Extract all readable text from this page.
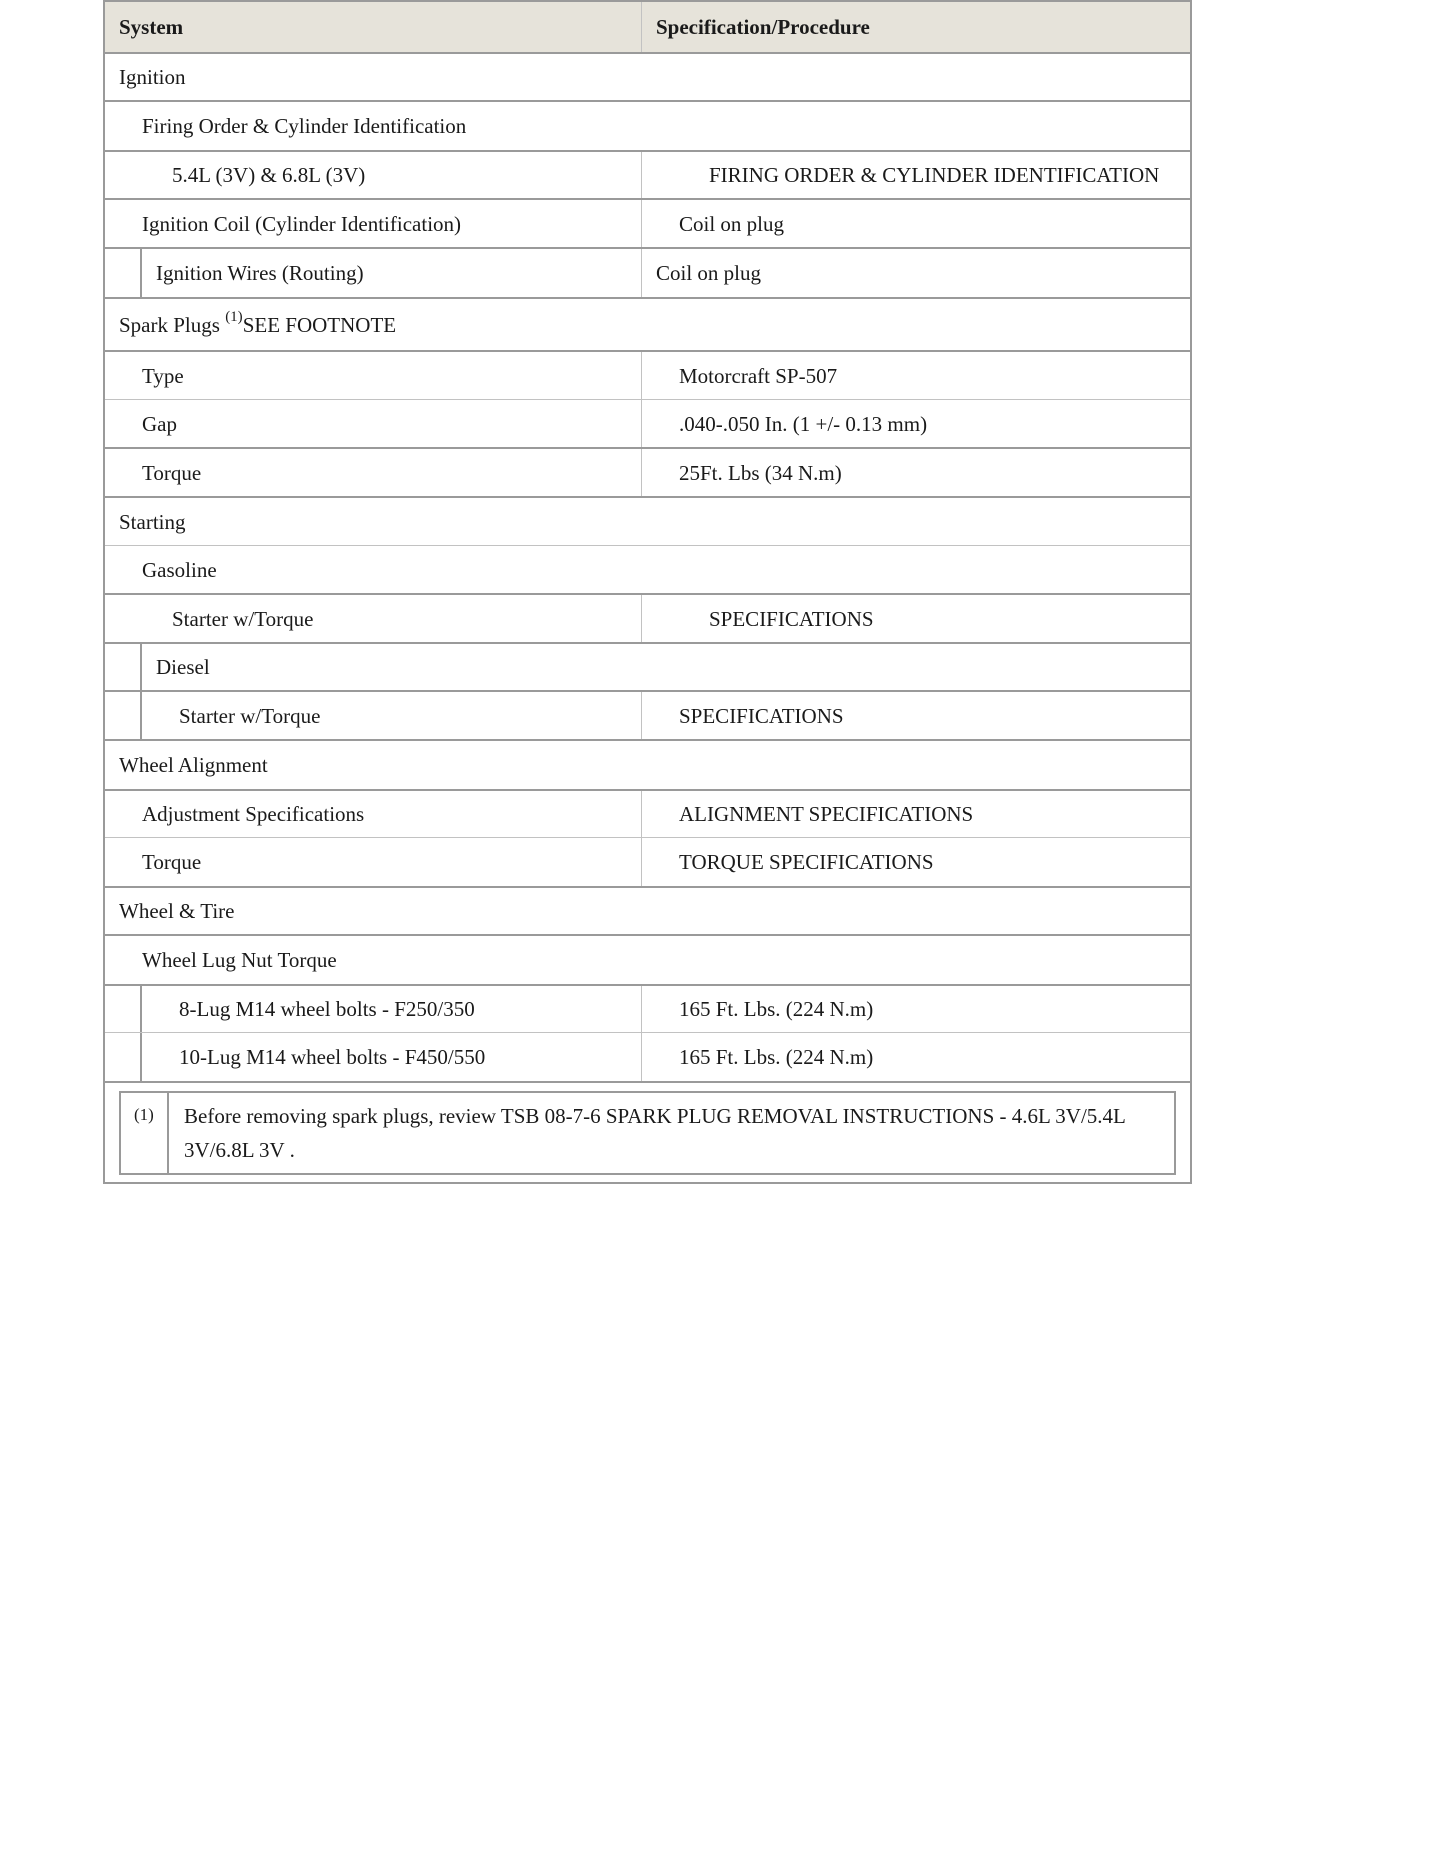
System	Specification/Procedure
Ignition
Firing Order & Cylinder Identification
5.4L (3V) & 6.8L (3V)	FIRING ORDER & CYLINDER IDENTIFICATION
Ignition Coil (Cylinder Identification)	Coil on plug
Ignition Wires (Routing)	Coil on plug
Spark Plugs $^{(1)}$ SEE FOOTNOTE
Type	Motorcraft SP-507
Gap	.040-.050 In. (1 +/- 0.13 mm)
Torque	25Ft. Lbs (34 N.m)
Starting
Gasoline
Starter w/Torque	SPECIFICATIONS
Diesel
Starter w/Torque	SPECIFICATIONS
Wheel Alignment
Adjustment Specifications	ALIGNMENT SPECIFICATIONS
Torque	TORQUE SPECIFICATIONS
Wheel & Tire
Wheel Lug Nut Torque
8-Lug M14 wheel bolts - F250/350	165 Ft. Lbs. (224 N.m)
10-Lug M14 wheel bolts - F450/550	165 Ft. Lbs. (224 N.m)
(1)	Before removing spark plugs, review TSB 08-7-6 SPARK PLUG REMOVAL INSTRUCTIONS - 4.6L 3V/5.4L 3V/6.8L 3V .
